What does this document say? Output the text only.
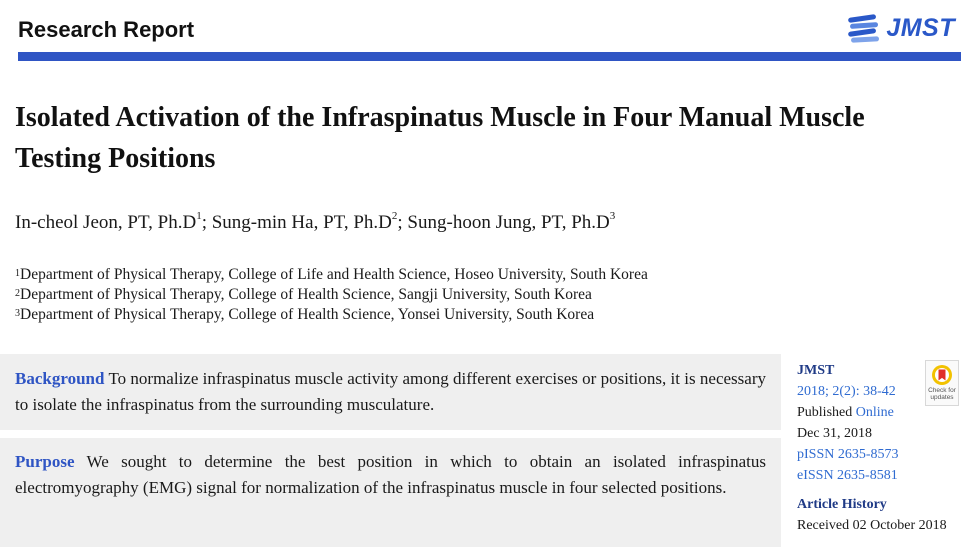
Research Report	JMST
Isolated Activation of the Infraspinatus Muscle in Four Manual Muscle Testing Positions
In-cheol Jeon, PT, $Ph.D^1$; Sung-min Ha, PT, $Ph.D^2$; Sung-hoon Jung, PT, $Ph.D^3$
$^1$Department of Physical Therapy, College of Life and Health Science, Hoseo University, South Korea
$^2$Department of Physical Therapy, College of Health Science, Sangji University, South Korea
$^3$Department of Physical Therapy, College of Health Science, Yonsei University, South Korea
Background To normalize infraspinatus muscle activity among different exercises or positions, it is necessary to isolate the infraspinatus from the surrounding musculature.
Purpose We sought to determine the best position in which to obtain an isolated infraspinatus electromyography (EMG) signal for normalization of the infraspinatus muscle in four selected positions.
JMST
2018; 2(2): 38-42
Published Online
Dec 31, 2018
pISSN 2635-8573
eISSN 2635-8581
Article History
Received 02 October 2018
Check for updates
